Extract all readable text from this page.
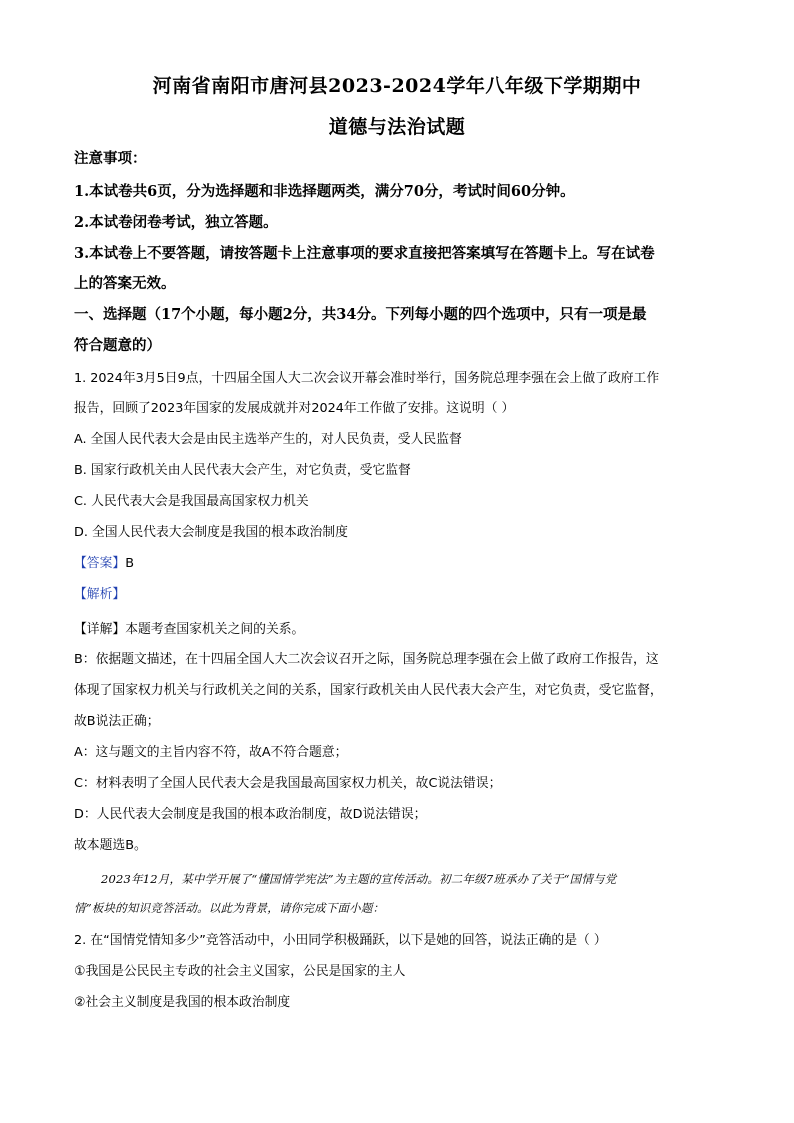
河南省南阳市唐河县2023-2024学年八年级下学期期中
道德与法治试题
注意事项：
1.本试卷共6页，分为选择题和非选择题两类，满分70分，考试时间60分钟。
2.本试卷闭卷考试，独立答题。
3.本试卷上不要答题，请按答题卡上注意事项的要求直接把答案填写在答题卡上。写在试卷
上的答案无效。
一、选择题（17个小题，每小题2分，共34分。下列每小题的四个选项中，只有一项是最
符合题意的）
1. 2024年3月5日9点，十四届全国人大二次会议开幕会准时举行，国务院总理李强在会上做了政府工作
报告，回顾了2023年国家的发展成就并对2024年工作做了安排。这说明（ ）
A. 全国人民代表大会是由民主选举产生的，对人民负责，受人民监督
B. 国家行政机关由人民代表大会产生，对它负责，受它监督
C. 人民代表大会是我国最高国家权力机关
D. 全国人民代表大会制度是我国的根本政治制度
【答案】B
【解析】
【详解】本题考查国家机关之间的关系。
B：依据题文描述，在十四届全国人大二次会议召开之际，国务院总理李强在会上做了政府工作报告，这
体现了国家权力机关与行政机关之间的关系，国家行政机关由人民代表大会产生，对它负责，受它监督，
故B说法正确；
A：这与题文的主旨内容不符，故A不符合题意；
C：材料表明了全国人民代表大会是我国最高国家权力机关，故C说法错误；
D：人民代表大会制度是我国的根本政治制度，故D说法错误；
故本题选B。
2023年12月，某中学开展了“懂国情学宪法”为主题的宣传活动。初二年级7班承办了关于“国情与党
情”板块的知识竞答活动。以此为背景，请你完成下面小题：
2. 在“国情党情知多少”竞答活动中，小田同学积极踊跃，以下是她的回答，说法正确的是（ ）
①我国是公民民主专政的社会主义国家，公民是国家的主人
②社会主义制度是我国的根本政治制度
